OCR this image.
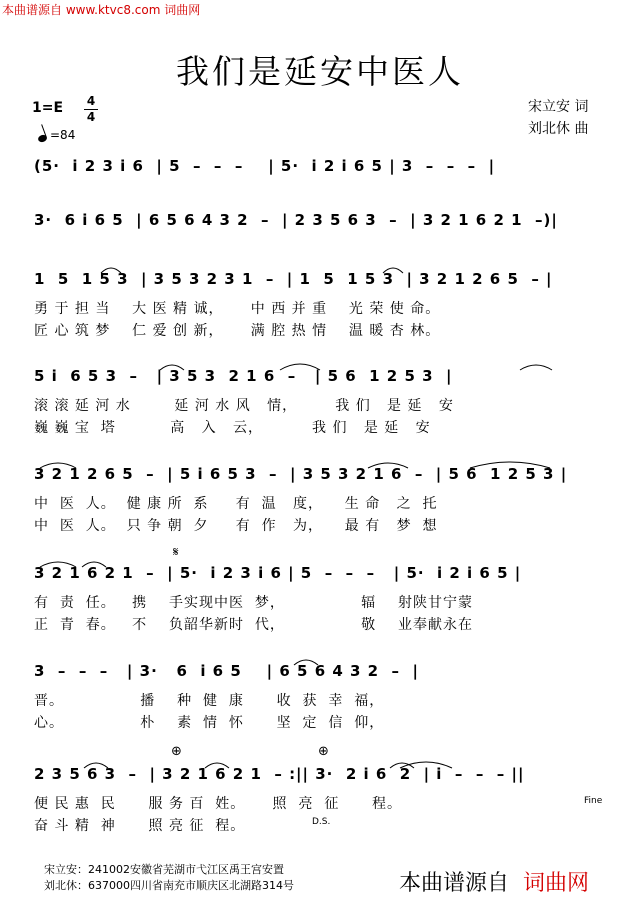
本曲谱源自 www.ktvc8.com 词曲网
我们是延安中医人
1=E 4
4
=84
宋立安 词
刘北休 曲
(5·  i 2 3 i 6  | 5  –  –  –    | 5·  i 2 i 6 5 | 3  –  –  –  |
3·  6 i 6 5  | 6 5 6 4 3 2  –  | 2 3 5 6 3  –  | 3 2 1 6 2 1  –)|
1  5  1 5 3  | 3 5 3 2 3 1  –  | 1  5  1 5 3  | 3 2 1 2 6 5  – |
勇 于 担 当    大 医 精 诚，     中 西 并 重    光 荣 使 命。
匠 心 筑 梦    仁 爱 创 新，     满 腔 热 情    温 暖 杏 林。
5 i  6 5 3  –   | 3 5 3  2 1 6  –   | 5 6  1 2 5 3  |
滚 滚 延 河 水        延 河 水 风   情，       我 们   是 延   安
巍 巍 宝  塔          高   入   云，         我 们   是 延   安
3 2 1 2 6 5  –  | 5 i 6 5 3  –  | 3 5 3 2 1 6  –  | 5 6  1 2 5 3 |
中  医  人。  健 康 所  系     有  温   度，    生 命   之  托
中  医  人。  只 争 朝  夕     有  作   为，    最 有   梦  想
𝄋
3 2 1 6 2 1  –  | 5·  i 2 3 i 6 | 5  –  –  –   | 5·  i 2 i 6 5 |
有  责  任。   携    手实现中医  梦，              辐    射陕甘宁蒙
正  青  春。   不    负韶华新时  代，              敬    业奉献永在
3  –  –  –   | 3·   6  i 6 5    | 6 5 6 4 3 2  –  |
晋。              播    种  健  康      收  获  幸  福，
心。              朴    素  情  怀      坚  定  信  仰，
⊕	⊕
2 3 5 6 3  –  | 3 2 1 6 2 1  – :|| 3·  2 i 6  2  | i  –  –  – ||
便 民 惠  民      服 务 百  姓。     照  亮  征      程。
奋 斗 精  神      照 亮 征  程。
Fine
D.S.
宋立安：241002安徽省芜湖市弋江区禹王宫安置
刘北休：637000四川省南充市顺庆区北湖路314号	本曲谱源自 词曲网
